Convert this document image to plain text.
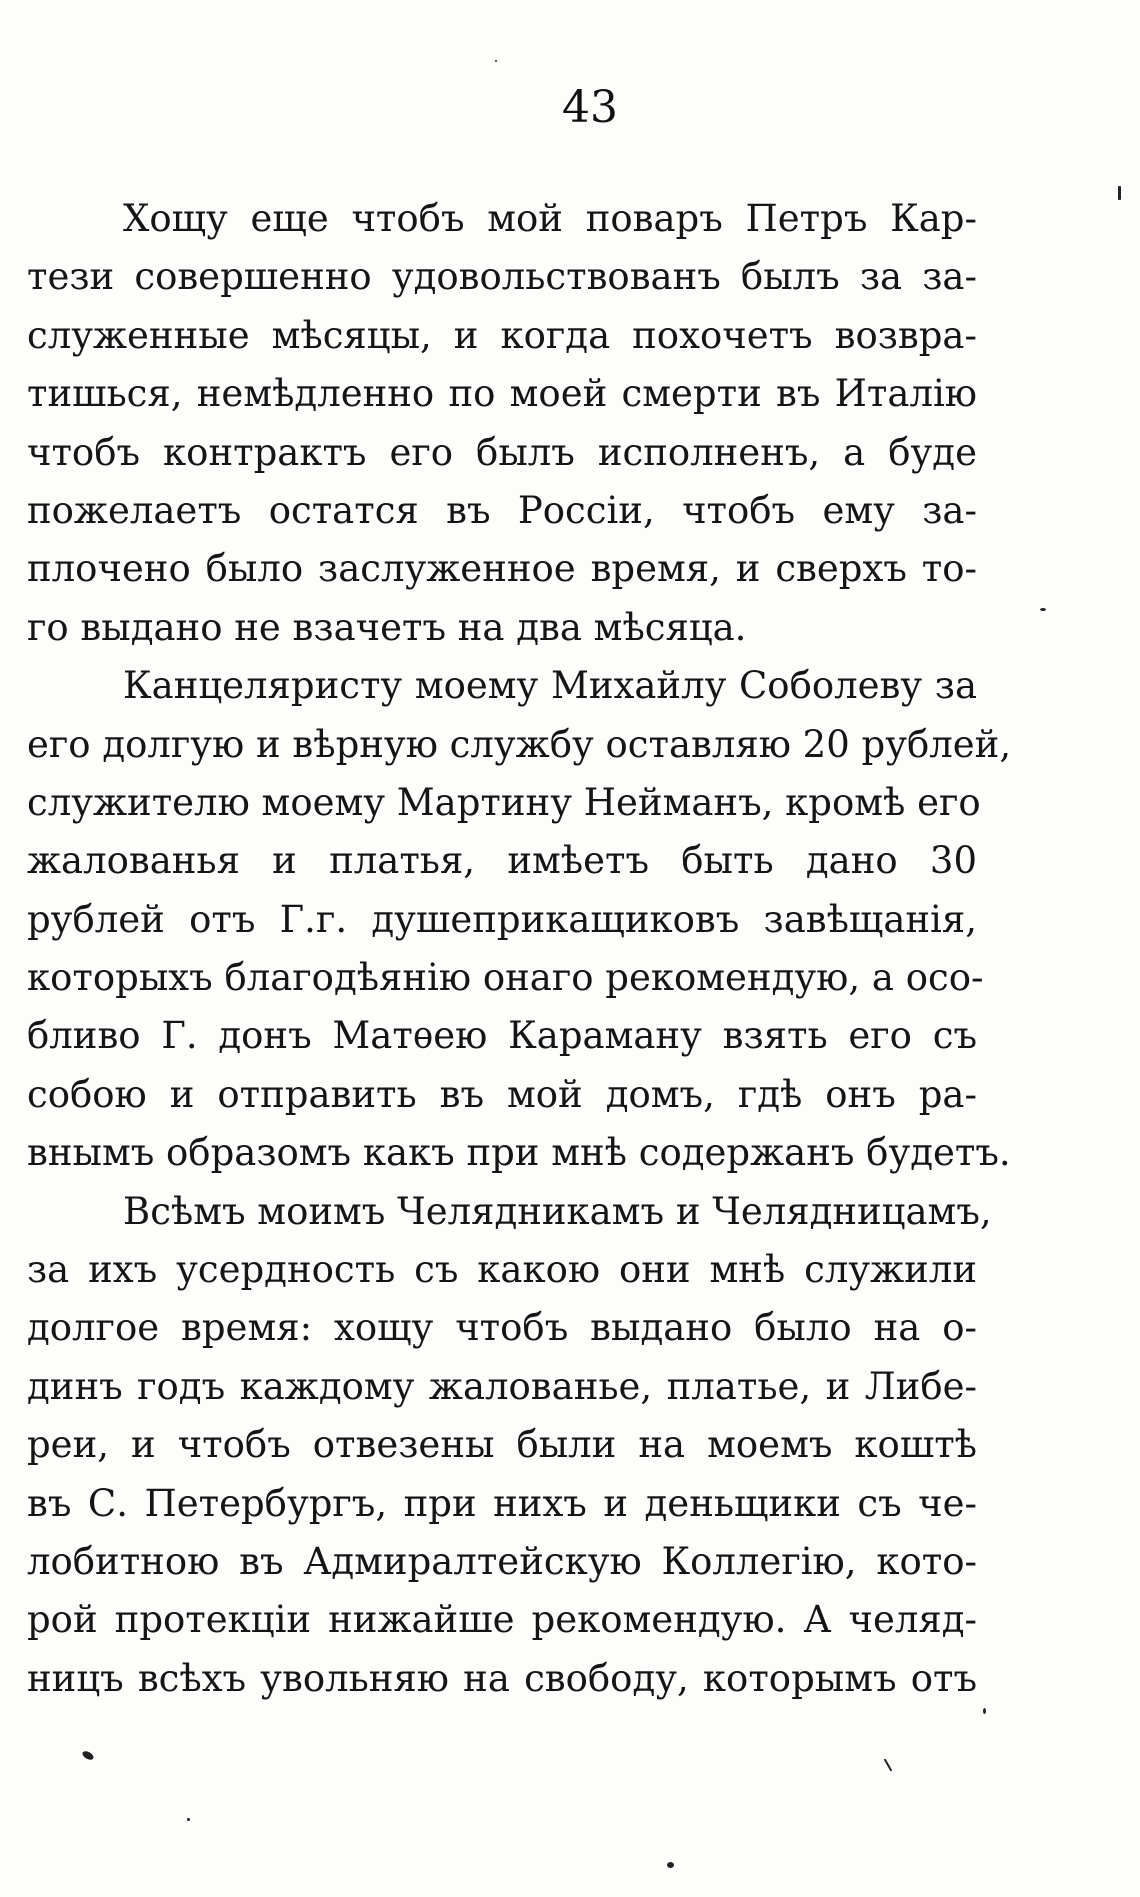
43
Хощу еще чтобъ мой поваръ Петръ Кар-
тези совершенно удовольствованъ былъ за за-
служенные мѣсяцы, и когда похочетъ возвра-
тишься, немѣдленно по моей смерти въ Италію
чтобъ контрактъ его былъ исполненъ, а буде
пожелаетъ остатся въ Россіи, чтобъ ему за-
плочено было заслуженное время, и сверхъ то-
го выдано не взачетъ на два мѣсяца.
Канцеляристу моему Михайлу Соболеву за
его долгую и вѣрную службу оставляю 20 рублей,
служителю моему Мартину Нейманъ, кромѣ его
жалованья и платья, имѣетъ быть дано 30
рублей отъ Г.г. душеприкащиковъ завѣщанія,
которыхъ благодѣянію онаго рекомендую, а осо-
бливо Г. донъ Матѳею Караману взять его съ
собою и отправить въ мой домъ, гдѣ онъ ра-
внымъ образомъ какъ при мнѣ содержанъ будетъ.
Всѣмъ моимъ Челядникамъ и Челядницамъ,
за ихъ усердность съ какою они мнѣ служили
долгое время: хощу чтобъ выдано было на о-
динъ годъ каждому жалованье, платье, и Либе-
реи, и чтобъ отвезены были на моемъ коштѣ
въ С. Петербургъ, при нихъ и деньщики съ че-
лобитною въ Адмиралтейскую Коллегію, кото-
рой протекціи нижайше рекомендую. А челяд-
ницъ всѣхъ увольняю на свободу, которымъ отъ
